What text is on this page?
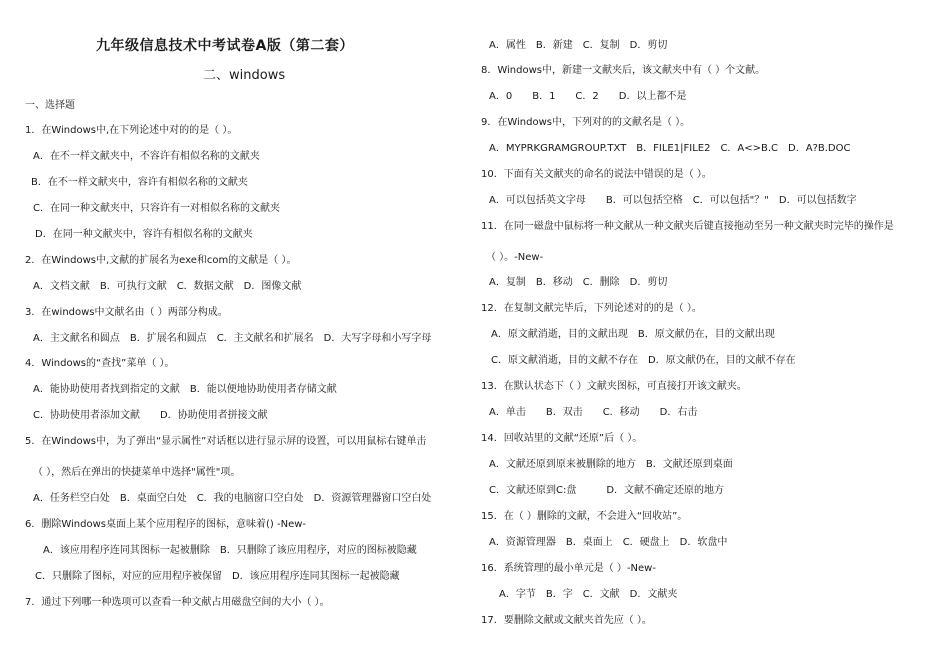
九年级信息技术中考试卷A版（第二套）
二、windows
一、选择题
1．在Windows中,在下列论述中对的的是（ ）。
A．在不一样文献夹中，不容许有相似名称的文献夹
B．在不一样文献夹中，容许有相似名称的文献夹
C．在同一种文献夹中，只容许有一对相似名称的文献夹
D．在同一种文献夹中，容许有相似名称的文献夹
2．在Windows中,文献的扩展名为exe和com的文献是（ ）。
A．文档文献　B．可执行文献　C．数据文献　D．图像文献
3．在windows中文献名由（ ）两部分构成。
A．主文献名和圆点　B．扩展名和圆点　C．主文献名和扩展名　D．大写字母和小写字母
4．Windows的“查找”菜单（ ）。
A．能协助使用者找到指定的文献　B．能以便地协助使用者存储文献
C．协助使用者添加文献　　D．协助使用者拼接文献
5．在Windows中，为了弹出“显示属性”对话框以进行显示屏的设置，可以用鼠标右键单击
（ ），然后在弹出的快捷菜单中选择"属性"项。
A．任务栏空白处　B．桌面空白处　C．我的电脑窗口空白处　D．资源管理器窗口空白处
6．删除Windows桌面上某个应用程序的图标，意味着() -New-
A．该应用程序连同其图标一起被删除　B．只删除了该应用程序，对应的图标被隐藏
C．只删除了图标，对应的应用程序被保留　D．该应用程序连同其图标一起被隐藏
7．通过下列哪一种选项可以查看一种文献占用磁盘空间的大小（ ）。
A．属性　B．新建　C．复制　D．剪切
8．Windows中，新建一文献夹后，该文献夹中有（ ）个文献。
A．0　　B．1　　C．2　　D．以上都不是
9．在Windows中，下列对的的文献名是（ ）。
A．MYPRKGRAMGROUP.TXT　B．FILE1|FILE2　C．A<>B.C　D．A?B.DOC
10．下面有关文献夹的命名的说法中错误的是（ ）。
A．可以包括英文字母　　B．可以包括空格　C．可以包括"？"　D．可以包括数字
11．在同一磁盘中鼠标将一种文献从一种文献夹后键直接拖动至另一种文献夹时完毕的操作是
（ ）。-New-
A．复制　B．移动　C．删除　D．剪切
12．在复制文献完毕后，下列论述对的的是（ ）。
A．原文献消逝，目的文献出现　B．原文献仍在，目的文献出现
C．原文献消逝，目的文献不存在　D．原文献仍在，目的文献不存在
13．在默认状态下（ ）文献夹图标，可直接打开该文献夹。
A．单击　　B．双击　　C．移动　　D．右击
14．回收站里的文献“还原”后（ ）。
A．文献还原到原来被删除的地方　B．文献还原到桌面
C．文献还原到C:盘　　　D．文献不确定还原的地方
15．在（ ）删除的文献，不会进入“回收站”。
A．资源管理器　B．桌面上　C．硬盘上　D．软盘中
16．系统管理的最小单元是（ ）-New-
A．字节　B．字　C．文献　D．文献夹
17．要删除文献或文献夹首先应（ ）。
